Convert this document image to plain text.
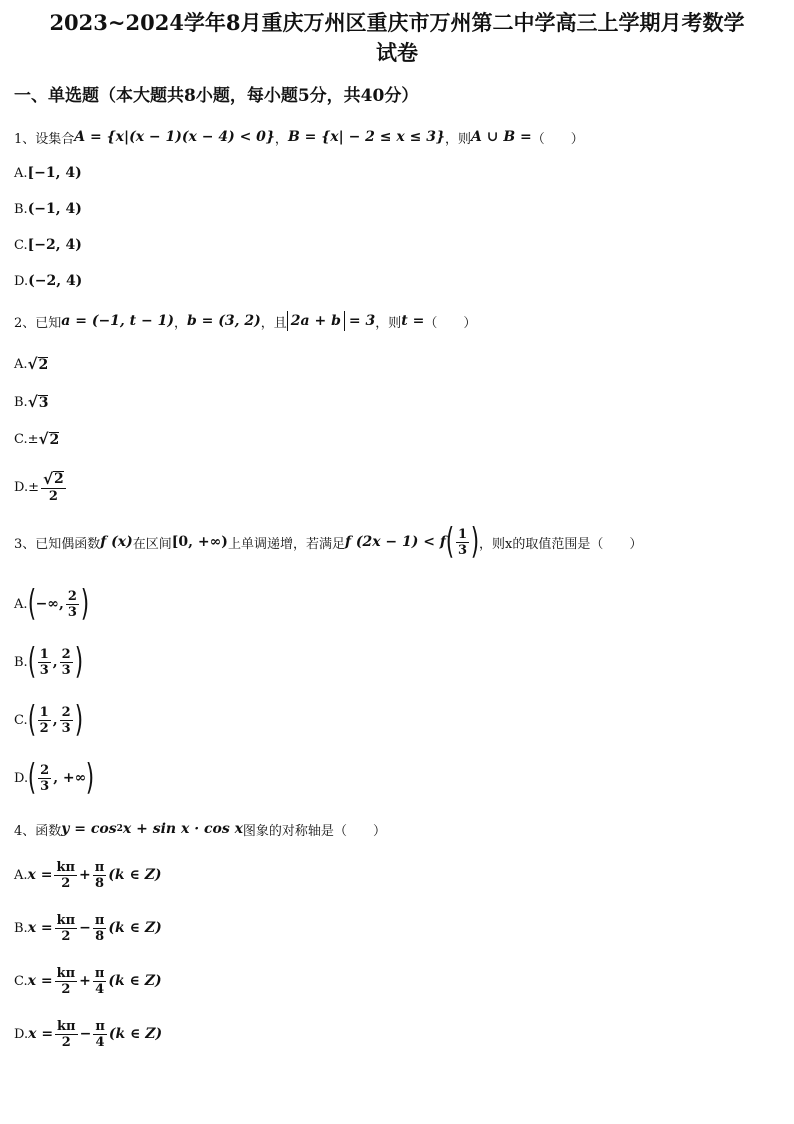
2023~2024学年8月重庆万州区重庆市万州第二中学高三上学期月考数学
试卷
一、单选题（本大题共8小题，每小题5分，共40分）
1、设集合 A = {x|(x − 1)(x − 4) < 0} ， B = {x| − 2 ≤ x ≤ 3} ，则 A ∪ B = （　　）
A. [−1, 4)
B. (−1, 4)
C. [−2, 4)
D. (−2, 4)
2、已知 a = (−1, t − 1) ， b = (3, 2) ，且 2a + b = 3 ，则 t = （　　）
A. √ 2
B. √ 3
C. ± √ 2
D. ± $\frac{√ 2}{2}$
3、已知偶函数 f (x) 在区间 [0, +∞) 上单调递增，若满足 f (2x − 1) < f ( $\frac{1}{3}$ ) ，则x的取值范围是 （　　）
A. ( −∞, $\frac{2}{3}$ )
B. ( $\frac{1}{3}$ , $\frac{2}{3}$ )
C. ( $\frac{1}{2}$ , $\frac{2}{3}$ )
D. ( $\frac{2}{3}$ , +∞ )
4、函数 y = cos 2 x + sin x · cos x 图象的对称轴是 （　　）
A. $x = \frac{k\pi}{2} + \frac{\pi}{8} (k$ ∈ Z)
B. $x = \frac{k\pi}{2} - \frac{\pi}{8} (k$ ∈ Z)
C. $x = \frac{k\pi}{2} + \frac{\pi}{4} (k$ ∈ Z)
D. $x = \frac{k\pi}{2} - \frac{\pi}{4} (k$ ∈ Z)
